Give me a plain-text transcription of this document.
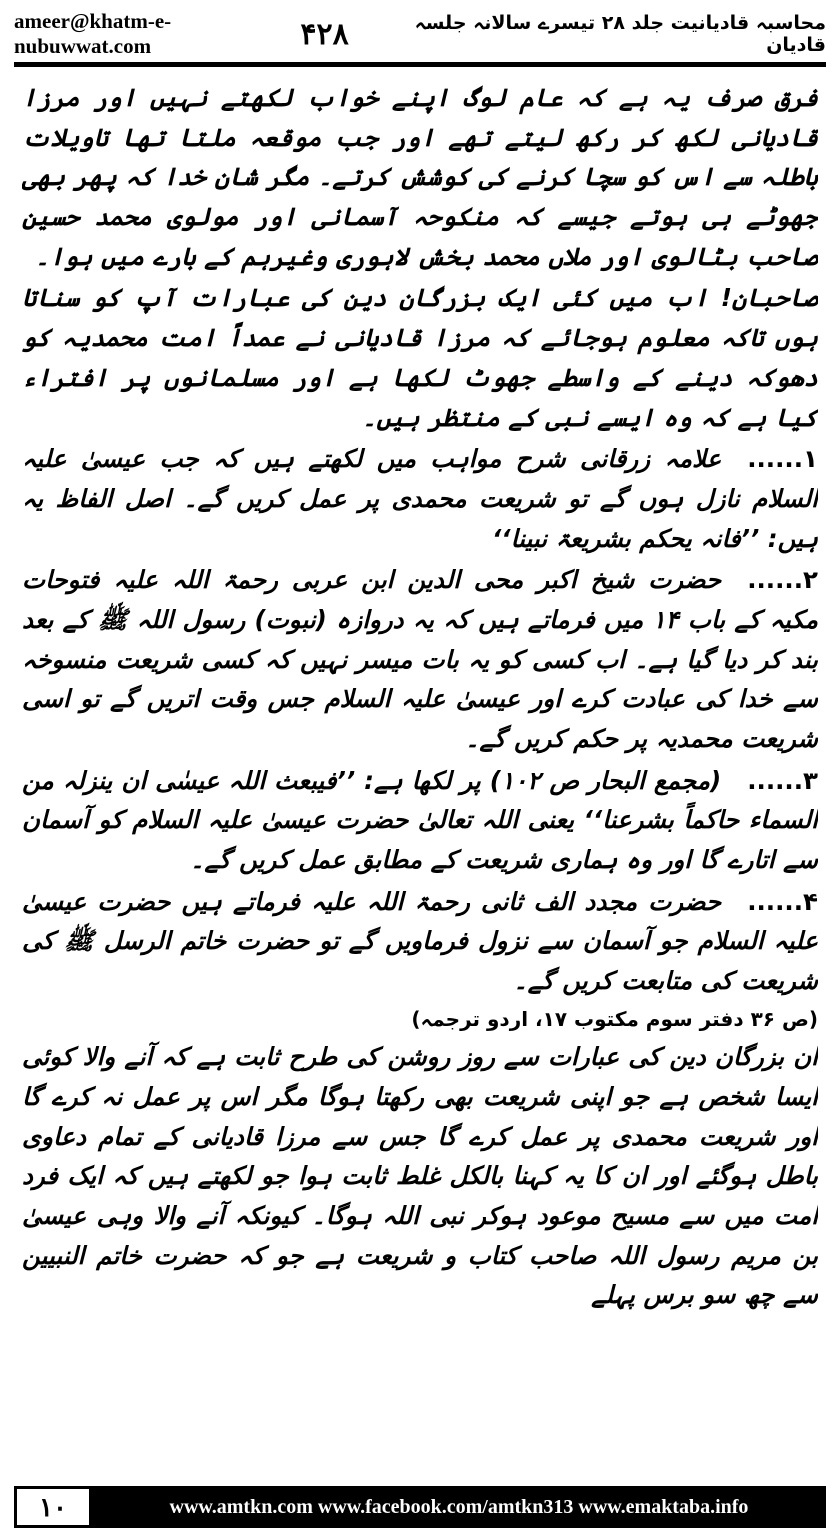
ameer@khatm-e-nubuwwat.com
محاسبہ قادیانیت جلد ۲۸ تیسرے سالانہ جلسہ قادیان
۴۲۸

فرق صرف یہ ہے کہ عام لوگ اپنے خواب لکھتے نہیں اور مرزا قادیانی لکھ کر رکھ لیتے تھے اور جب موقعہ ملتا تھا تاویلات باطلہ سے اس کو سچا کرنے کی کوشش کرتے۔ مگر شان خدا کہ پھر بھی جھوٹے ہی ہوتے جیسے کہ منکوحہ آسمانی اور مولوی محمد حسین صاحب بٹالوی اور ملاں محمد بخش لاہوری وغیرہم کے بارے میں ہوا۔

صاحبان! اب میں کئی ایک بزرگان دین کی عبارات آپ کو سناتا ہوں تاکہ معلوم ہوجائے کہ مرزا قادیانی نے عمداً امت محمدیہ کو دھوکہ دینے کے واسطے جھوٹ لکھا ہے اور مسلمانوں پر افتراء کیا ہے کہ وہ ایسے نبی کے منتظر ہیں۔

۱......علامہ زرقانی شرح مواہب میں لکھتے ہیں کہ جب عیسیٰ علیہ السلام نازل ہوں گے تو شریعت محمدی پر عمل کریں گے۔ اصل الفاظ یہ ہیں: ’’فانہ یحکم بشریعۃ نبینا‘‘

۲......حضرت شیخ اکبر محی الدین ابن عربی رحمۃ اللہ علیہ فتوحات مکیہ کے باب ۱۴ میں فرماتے ہیں کہ یہ دروازہ (نبوت) رسول اللہ ﷺ کے بعد بند کر دیا گیا ہے۔ اب کسی کو یہ بات میسر نہیں کہ کسی شریعت منسوخہ سے خدا کی عبادت کرے اور عیسیٰ علیہ السلام جس وقت اتریں گے تو اسی شریعت محمدیہ پر حکم کریں گے۔

۳......(مجمع البحار ص ۱۰۲) پر لکھا ہے: ’’فیبعث اللہ عیسٰی ان ینزلہ من السماء حاکماً بشرعنا‘‘ یعنی اللہ تعالیٰ حضرت عیسیٰ علیہ السلام کو آسمان سے اتارے گا اور وہ ہماری شریعت کے مطابق عمل کریں گے۔

۴......حضرت مجدد الف ثانی رحمۃ اللہ علیہ فرماتے ہیں حضرت عیسیٰ علیہ السلام جو آسمان سے نزول فرماویں گے تو حضرت خاتم الرسل ﷺ کی شریعت کی متابعت کریں گے۔

(ص ۳۶ دفتر سوم مکتوب ۱۷، اردو ترجمہ)

ان بزرگان دین کی عبارات سے روز روشن کی طرح ثابت ہے کہ آنے والا کوئی ایسا شخص ہے جو اپنی شریعت بھی رکھتا ہوگا مگر اس پر عمل نہ کرے گا اور شریعت محمدی پر عمل کرے گا جس سے مرزا قادیانی کے تمام دعاوی باطل ہوگئے اور ان کا یہ کہنا بالکل غلط ثابت ہوا جو لکھتے ہیں کہ ایک فرد امت میں سے مسیح موعود ہوکر نبی اللہ ہوگا۔ کیونکہ آنے والا وہی عیسیٰ بن مریم رسول اللہ صاحب کتاب و شریعت ہے جو کہ حضرت خاتم النبیین سے چھ سو برس پہلے

۱۰	www.amtkn.com www.facebook.com/amtkn313 www.emaktaba.info
